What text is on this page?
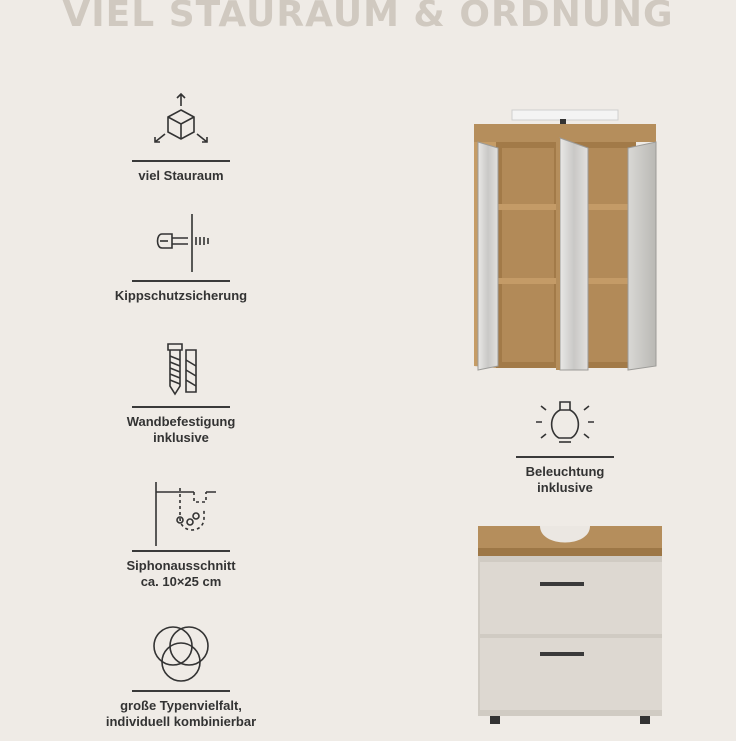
VIEL STAURAUM & ORDNUNG
viel Stauraum
Kippschutzsicherung
Wandbefestigung
inklusive
Siphonausschnitt
ca. 10×25 cm
große Typenvielfalt,
individuell kombinierbar
Beleuchtung
inklusive
